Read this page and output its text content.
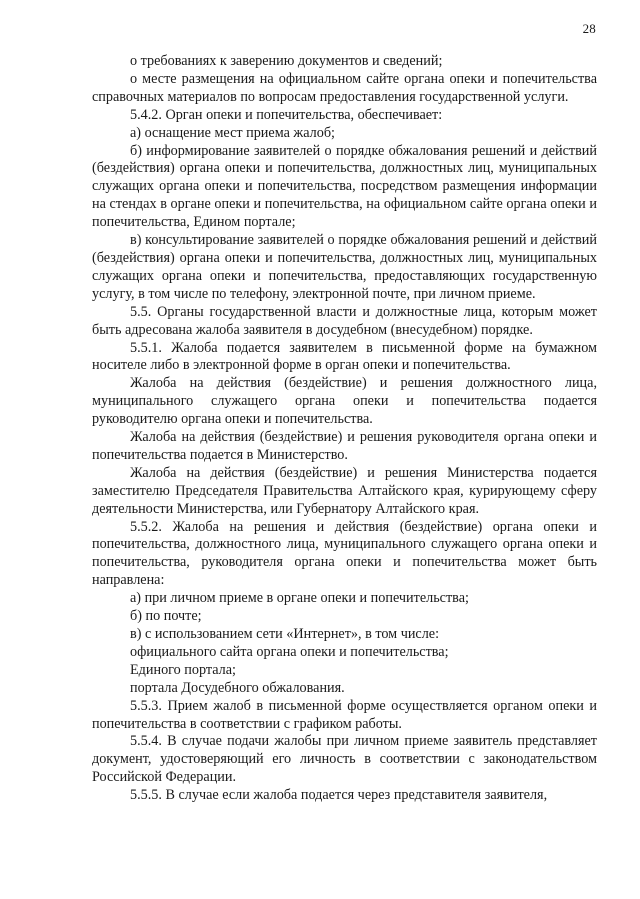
28

о требованиях к заверению документов и сведений;

о месте размещения на официальном сайте органа опеки и попечительства справочных материалов по вопросам предоставления государственной услуги.

5.4.2. Орган опеки и попечительства, обеспечивает:

а) оснащение мест приема жалоб;

б) информирование заявителей о порядке обжалования решений и действий (бездействия) органа опеки и попечительства, должностных лиц, муниципальных служащих органа опеки и попечительства, посредством размещения информации на стендах в органе опеки и попечительства, на официальном сайте органа опеки и попечительства, Едином портале;

в) консультирование заявителей о порядке обжалования решений и действий (бездействия) органа опеки и попечительства, должностных лиц, муниципальных служащих органа опеки и попечительства, предоставляющих государственную услугу, в том числе по телефону, электронной почте, при личном приеме.

5.5. Органы государственной власти и должностные лица, которым может быть адресована жалоба заявителя в досудебном (внесудебном) порядке.

5.5.1. Жалоба подается заявителем в письменной форме на бумажном носителе либо в электронной форме в орган опеки и попечительства.

Жалоба на действия (бездействие) и решения должностного лица, муниципального служащего органа опеки и попечительства подается руководителю органа опеки и попечительства.

Жалоба на действия (бездействие) и решения руководителя органа опеки и попечительства подается в Министерство.

Жалоба на действия (бездействие) и решения Министерства подается заместителю Председателя Правительства Алтайского края, курирующему сферу деятельности Министерства, или Губернатору Алтайского края.

5.5.2. Жалоба на решения и действия (бездействие) органа опеки и попечительства, должностного лица, муниципального служащего органа опеки и попечительства, руководителя органа опеки и попечительства может быть направлена:

а) при личном приеме в органе опеки и попечительства;

б) по почте;

в) с использованием сети «Интернет», в том числе:

официального сайта органа опеки и попечительства;

Единого портала;

портала Досудебного обжалования.

5.5.3. Прием жалоб в письменной форме осуществляется органом опеки и попечительства в соответствии с графиком работы.

5.5.4. В случае подачи жалобы при личном приеме заявитель представляет документ, удостоверяющий его личность в соответствии с законодательством Российской Федерации.

5.5.5. В случае если жалоба подается через представителя заявителя,
